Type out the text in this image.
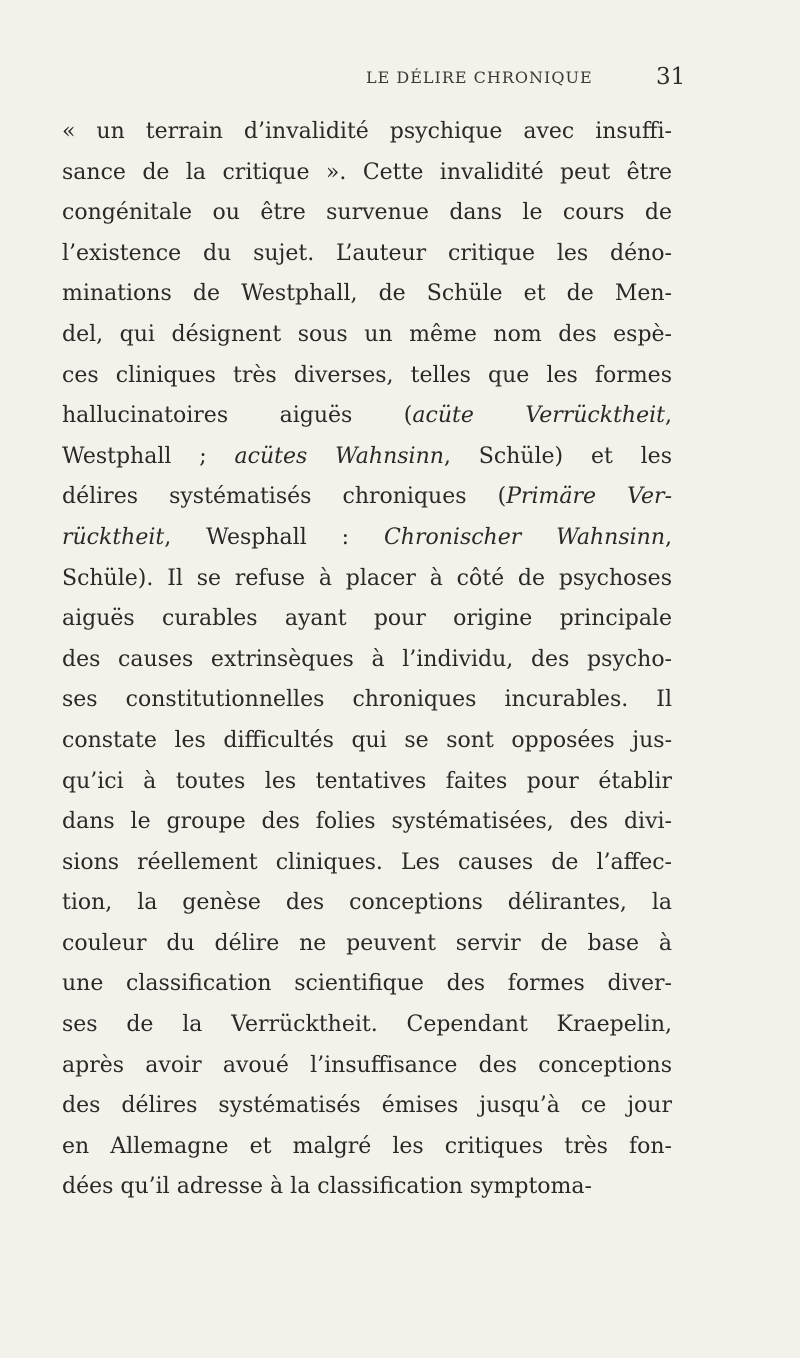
LE DÉLIRE CHRONIQUE	31
« un terrain d’invalidité psychique avec insuffi-
sance de la critique ». Cette invalidité peut être
congénitale ou être survenue dans le cours de
l’existence du sujet. L’auteur critique les déno-
minations de Westphall, de Schüle et de Men-
del, qui désignent sous un même nom des espè-
ces cliniques très diverses, telles que les formes
hallucinatoires aiguës (acüte Verrücktheit,
Westphall ; acütes Wahnsinn, Schüle) et les
délires systématisés chroniques (Primäre Ver-
rücktheit, Wesphall : Chronischer Wahnsinn,
Schüle). Il se refuse à placer à côté de psychoses
aiguës curables ayant pour origine principale
des causes extrinsèques à l’individu, des psycho-
ses constitutionnelles chroniques incurables. Il
constate les difficultés qui se sont opposées jus-
qu’ici à toutes les tentatives faites pour établir
dans le groupe des folies systématisées, des divi-
sions réellement cliniques. Les causes de l’affec-
tion, la genèse des conceptions délirantes, la
couleur du délire ne peuvent servir de base à
une classification scientifique des formes diver-
ses de la Verrücktheit. Cependant Kraepelin,
après avoir avoué l’insuffisance des conceptions
des délires systématisés émises jusqu’à ce jour
en Allemagne et malgré les critiques très fon-
dées qu’il adresse à la classification symptoma-
